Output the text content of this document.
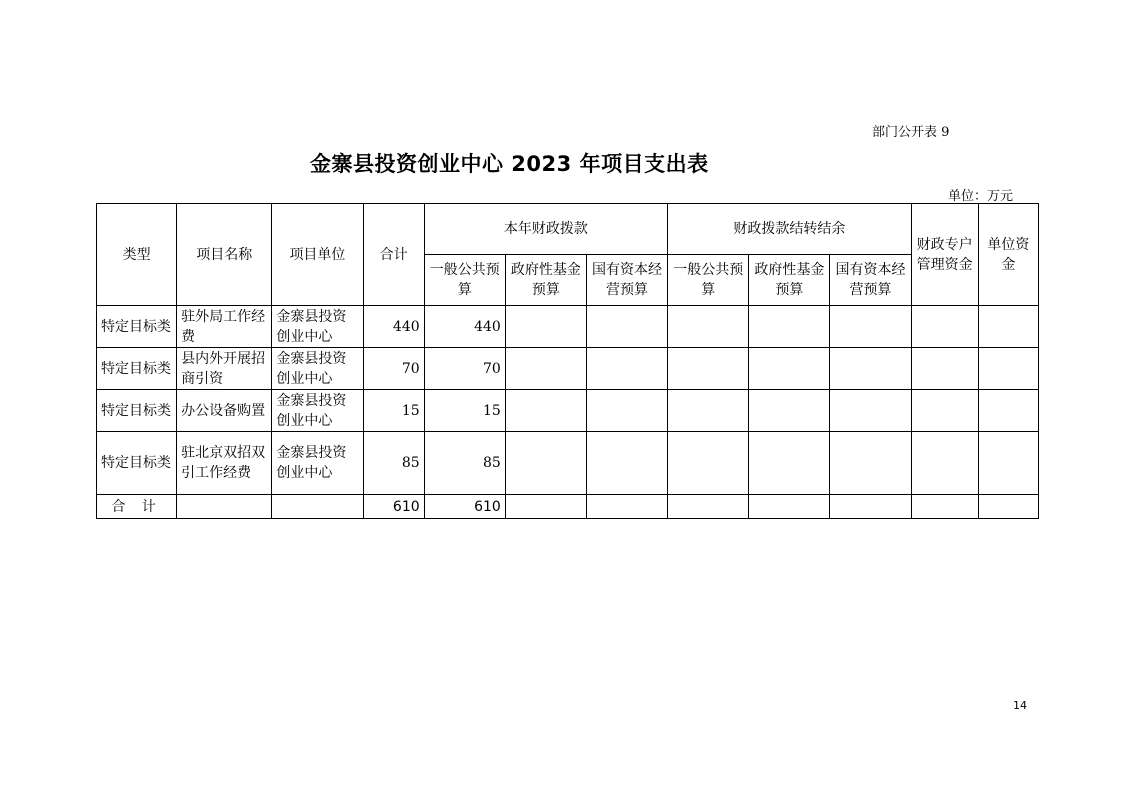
部门公开表 9
金寨县投资创业中心 2023 年项目支出表
单位：万元
类型	项目名称	项目单位	合计	本年财政拨款			财政拨款结转结余			财政专户管理资金	单位资金
				一般公共预算	政府性基金预算	国有资本经营预算	一般公共预算	政府性基金预算	国有资本经营预算		
特定目标类	驻外局工作经费	金寨县投资创业中心	440	440							
特定目标类	县内外开展招商引资	金寨县投资创业中心	70	70							
特定目标类	办公设备购置	金寨县投资创业中心	15	15							
特定目标类	驻北京双招双引工作经费	金寨县投资创业中心	85	85							
合 计			610	610							
14
